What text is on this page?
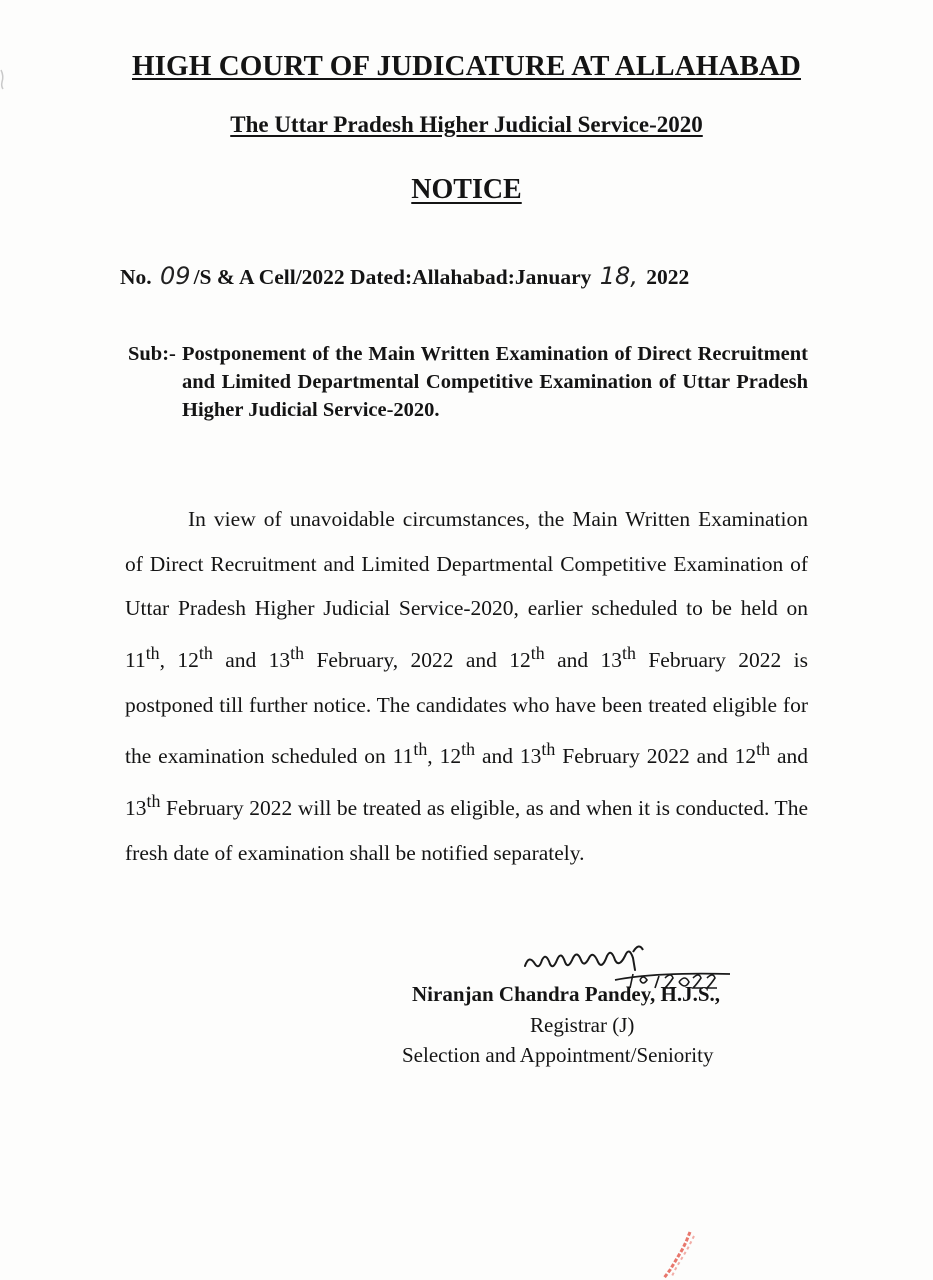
HIGH COURT OF JUDICATURE AT ALLAHABAD
The Uttar Pradesh Higher Judicial Service-2020
NOTICE
No. 09 /S & A Cell/2022 Dated:Allahabad:January 18, 2022
Sub:- Postponement of the Main Written Examination of Direct Recruitment and Limited Departmental Competitive Examination of Uttar Pradesh Higher Judicial Service-2020.

In view of unavoidable circumstances, the Main Written Examination of Direct Recruitment and Limited Departmental Competitive Examination of Uttar Pradesh Higher Judicial Service-2020, earlier scheduled to be held on 11th, 12th and 13th February, 2022 and 12th and 13th February 2022 is postponed till further notice. The candidates who have been treated eligible for the examination scheduled on 11th, 12th and 13th February 2022 and 12th and 13th February 2022 will be treated as eligible, as and when it is conducted. The fresh date of examination shall be notified separately.

Niranjan Chandra Pandey, H.J.S.,
Registrar (J)
Selection and Appointment/Seniority
